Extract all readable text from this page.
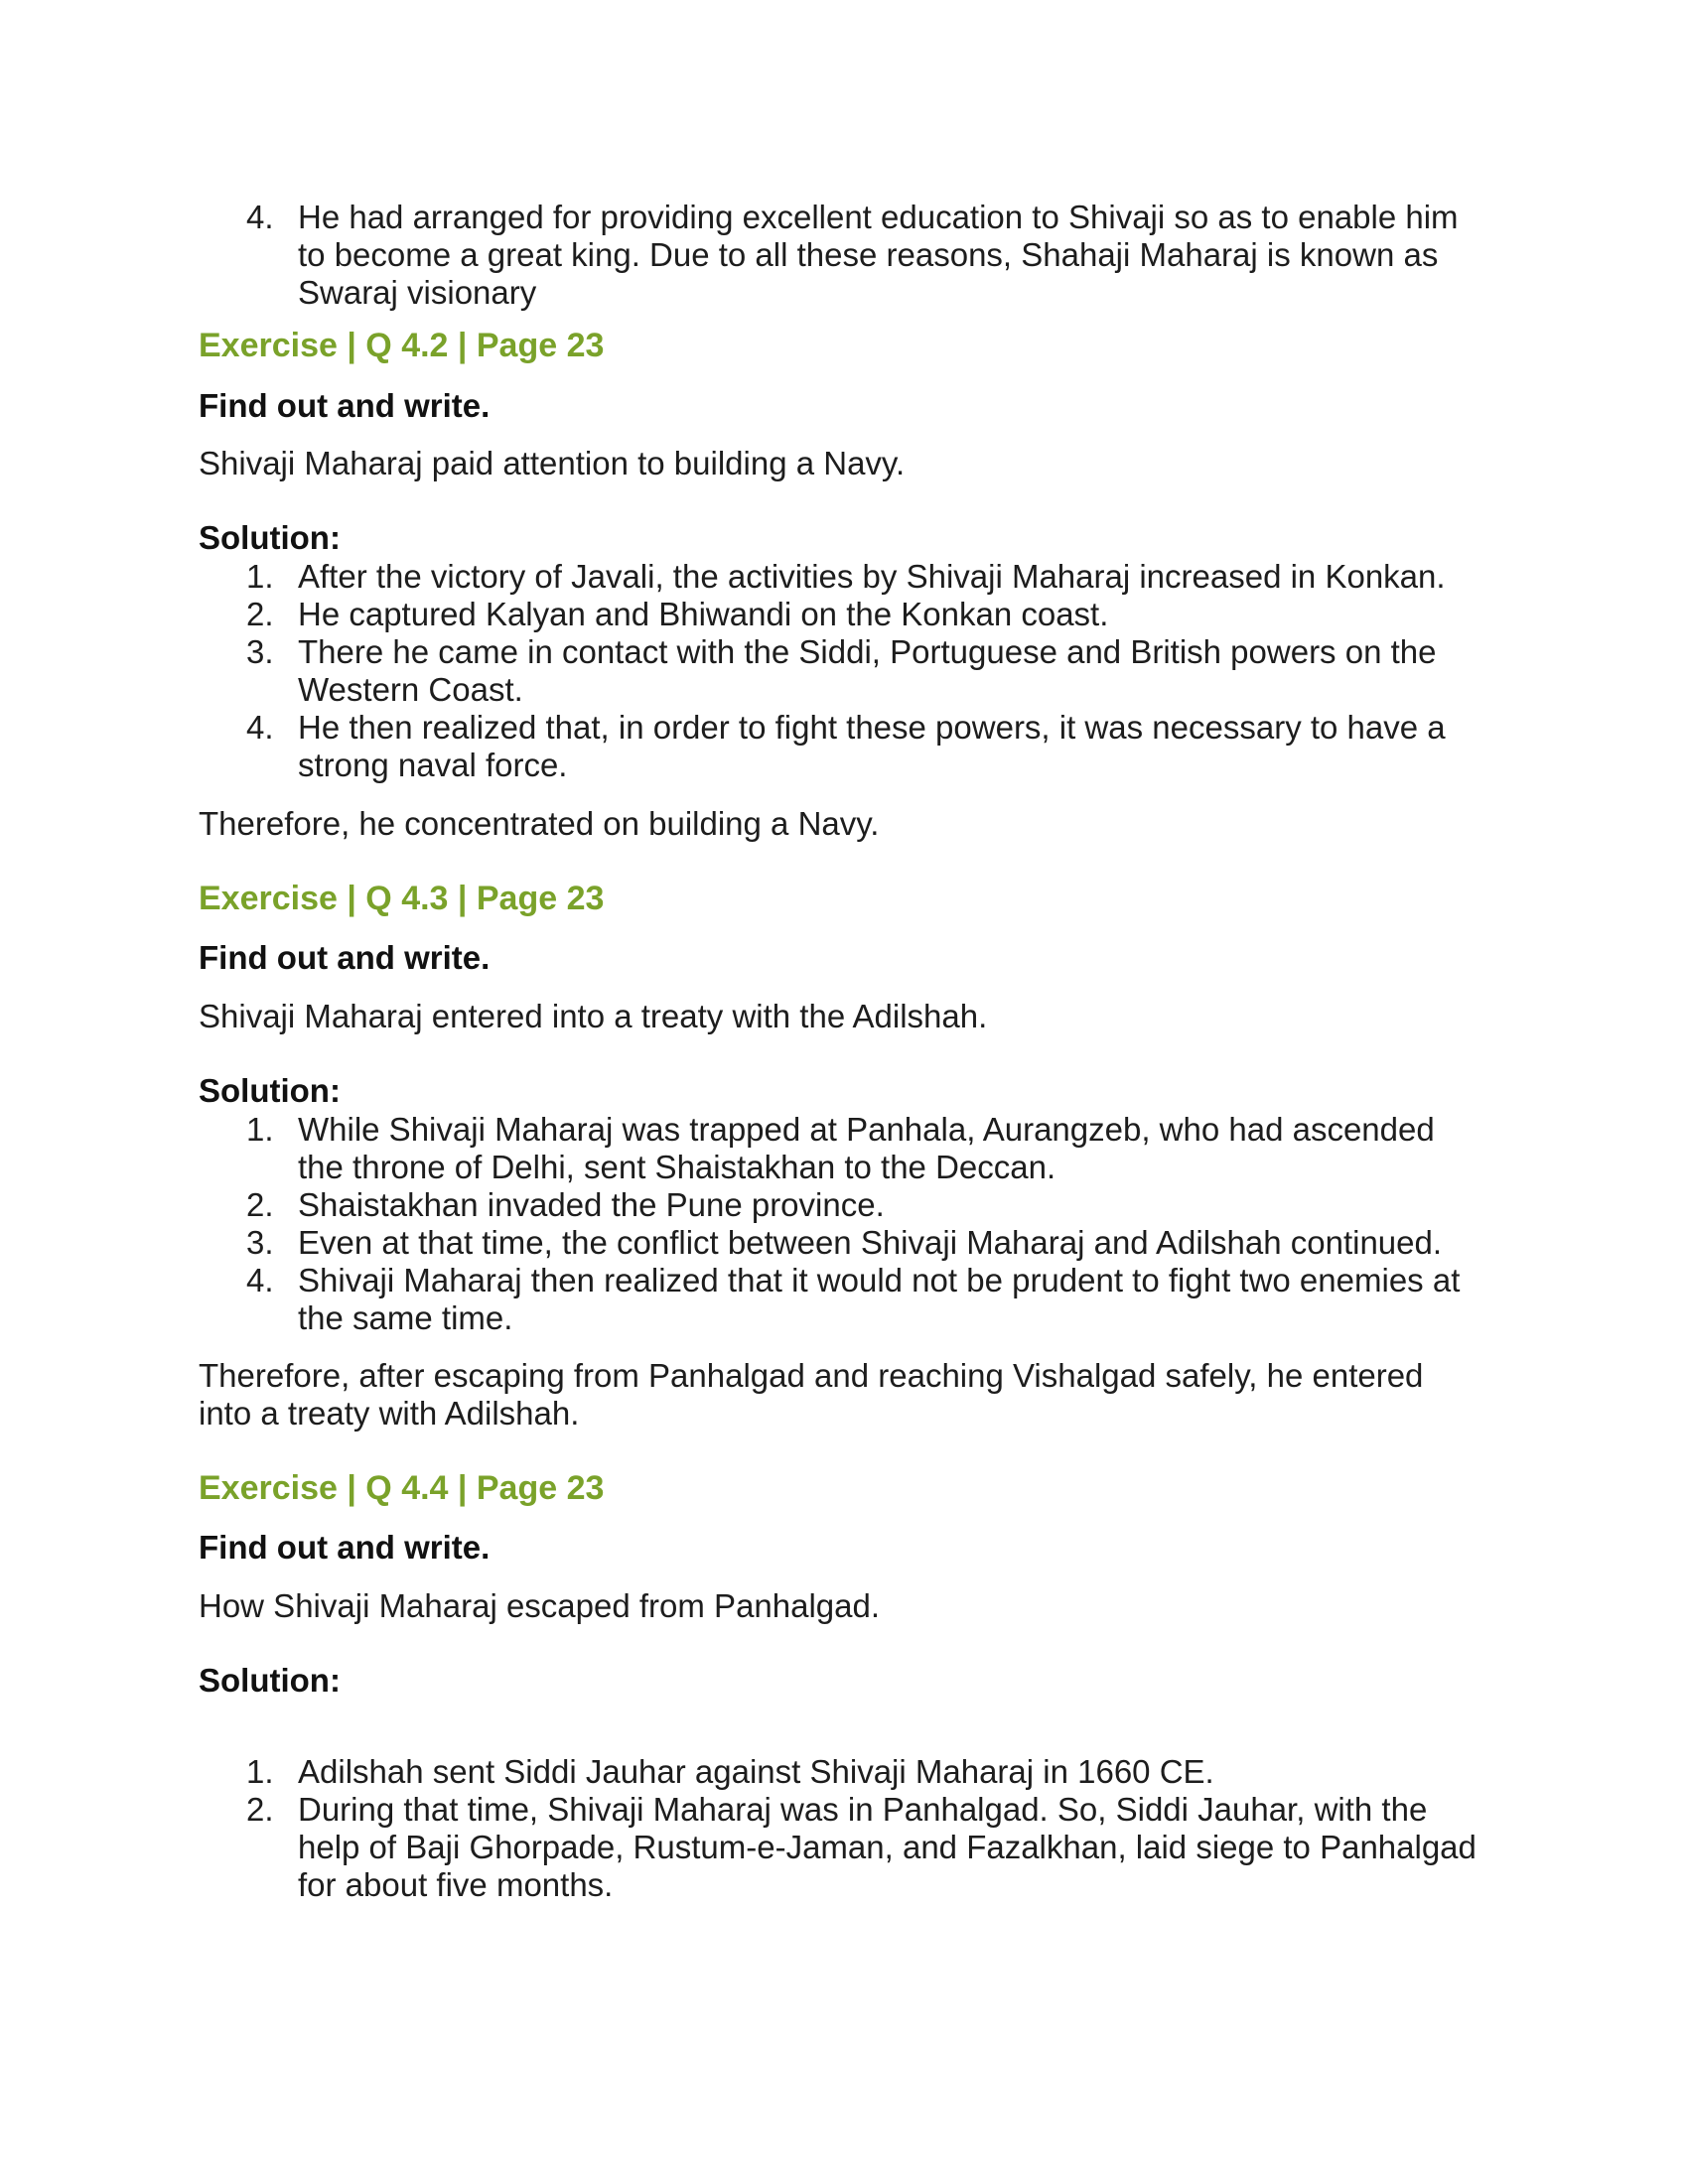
4. He had arranged for providing excellent education to Shivaji so as to enable him
to become a great king. Due to all these reasons, Shahaji Maharaj is known as
Swaraj visionary
Exercise | Q 4.2 | Page 23
Find out and write.
Shivaji Maharaj paid attention to building a Navy.
Solution:
1. After the victory of Javali, the activities by Shivaji Maharaj increased in Konkan.
2. He captured Kalyan and Bhiwandi on the Konkan coast.
3. There he came in contact with the Siddi, Portuguese and British powers on the
Western Coast.
4. He then realized that, in order to fight these powers, it was necessary to have a
strong naval force.
Therefore, he concentrated on building a Navy.
Exercise | Q 4.3 | Page 23
Find out and write.
Shivaji Maharaj entered into a treaty with the Adilshah.
Solution:
1. While Shivaji Maharaj was trapped at Panhala, Aurangzeb, who had ascended
the throne of Delhi, sent Shaistakhan to the Deccan.
2. Shaistakhan invaded the Pune province.
3. Even at that time, the conflict between Shivaji Maharaj and Adilshah continued.
4. Shivaji Maharaj then realized that it would not be prudent to fight two enemies at
the same time.
Therefore, after escaping from Panhalgad and reaching Vishalgad safely, he entered
into a treaty with Adilshah.
Exercise | Q 4.4 | Page 23
Find out and write.
How Shivaji Maharaj escaped from Panhalgad.
Solution:
1. Adilshah sent Siddi Jauhar against Shivaji Maharaj in 1660 CE.
2. During that time, Shivaji Maharaj was in Panhalgad. So, Siddi Jauhar, with the
help of Baji Ghorpade, Rustum-e-Jaman, and Fazalkhan, laid siege to Panhalgad
for about five months.
